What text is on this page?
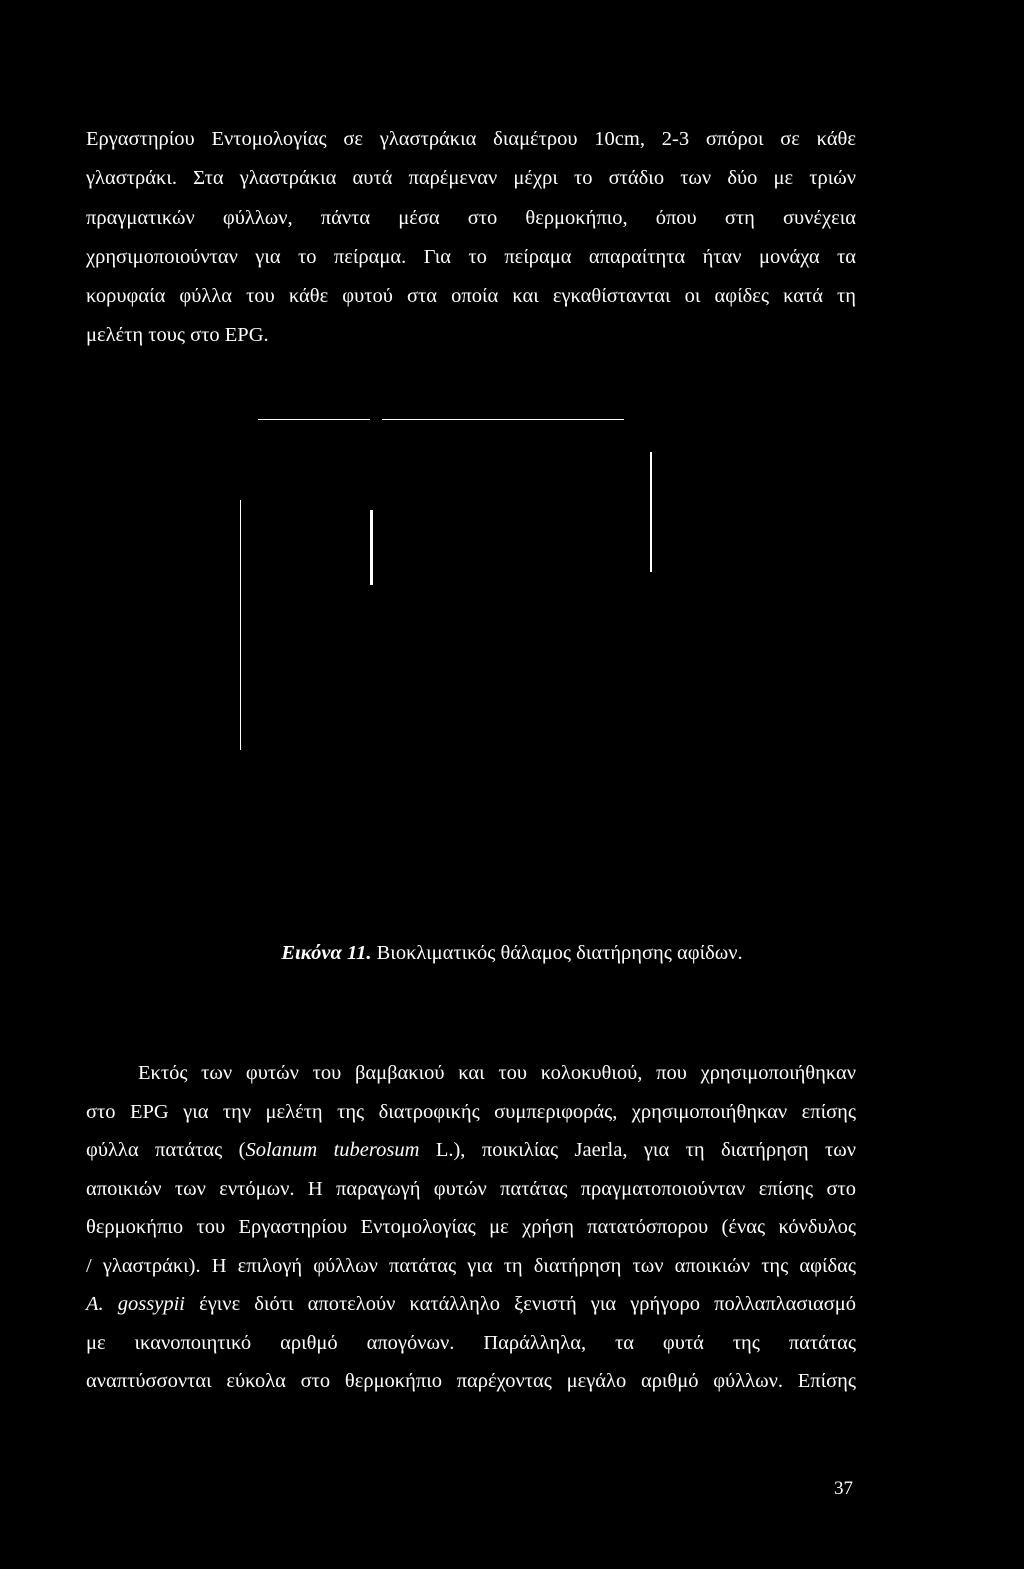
Εργαστηρίου Εντομολογίας σε γλαστράκια διαμέτρου 10cm, 2-3 σπόροι σε κάθε
γλαστράκι. Στα γλαστράκια αυτά παρέμεναν μέχρι το στάδιο των δύο με τριών
πραγματικών φύλλων, πάντα μέσα στο θερμοκήπιο, όπου στη συνέχεια
χρησιμοποιούνταν για το πείραμα. Για το πείραμα απαραίτητα ήταν μονάχα τα
κορυφαία φύλλα του κάθε φυτού στα οποία και εγκαθίστανται οι αφίδες κατά τη
μελέτη τους στο EPG.
Εικόνα 11. Βιοκλιματικός θάλαμος διατήρησης αφίδων.
Εκτός των φυτών του βαμβακιού και του κολοκυθιού, που χρησιμοποιήθηκαν
στο EPG για την μελέτη της διατροφικής συμπεριφοράς, χρησιμοποιήθηκαν επίσης
φύλλα πατάτας (Solanum tuberosum L.), ποικιλίας Jaerla, για τη διατήρηση των
αποικιών των εντόμων. Η παραγωγή φυτών πατάτας πραγματοποιούνταν επίσης στο
θερμοκήπιο του Εργαστηρίου Εντομολογίας με χρήση πατατόσπορου (ένας κόνδυλος
/ γλαστράκι). Η επιλογή φύλλων πατάτας για τη διατήρηση των αποικιών της αφίδας
A. gossypii έγινε διότι αποτελούν κατάλληλο ξενιστή για γρήγορο πολλαπλασιασμό
με ικανοποιητικό αριθμό απογόνων. Παράλληλα, τα φυτά της πατάτας
αναπτύσσονται εύκολα στο θερμοκήπιο παρέχοντας μεγάλο αριθμό φύλλων. Επίσης
37
